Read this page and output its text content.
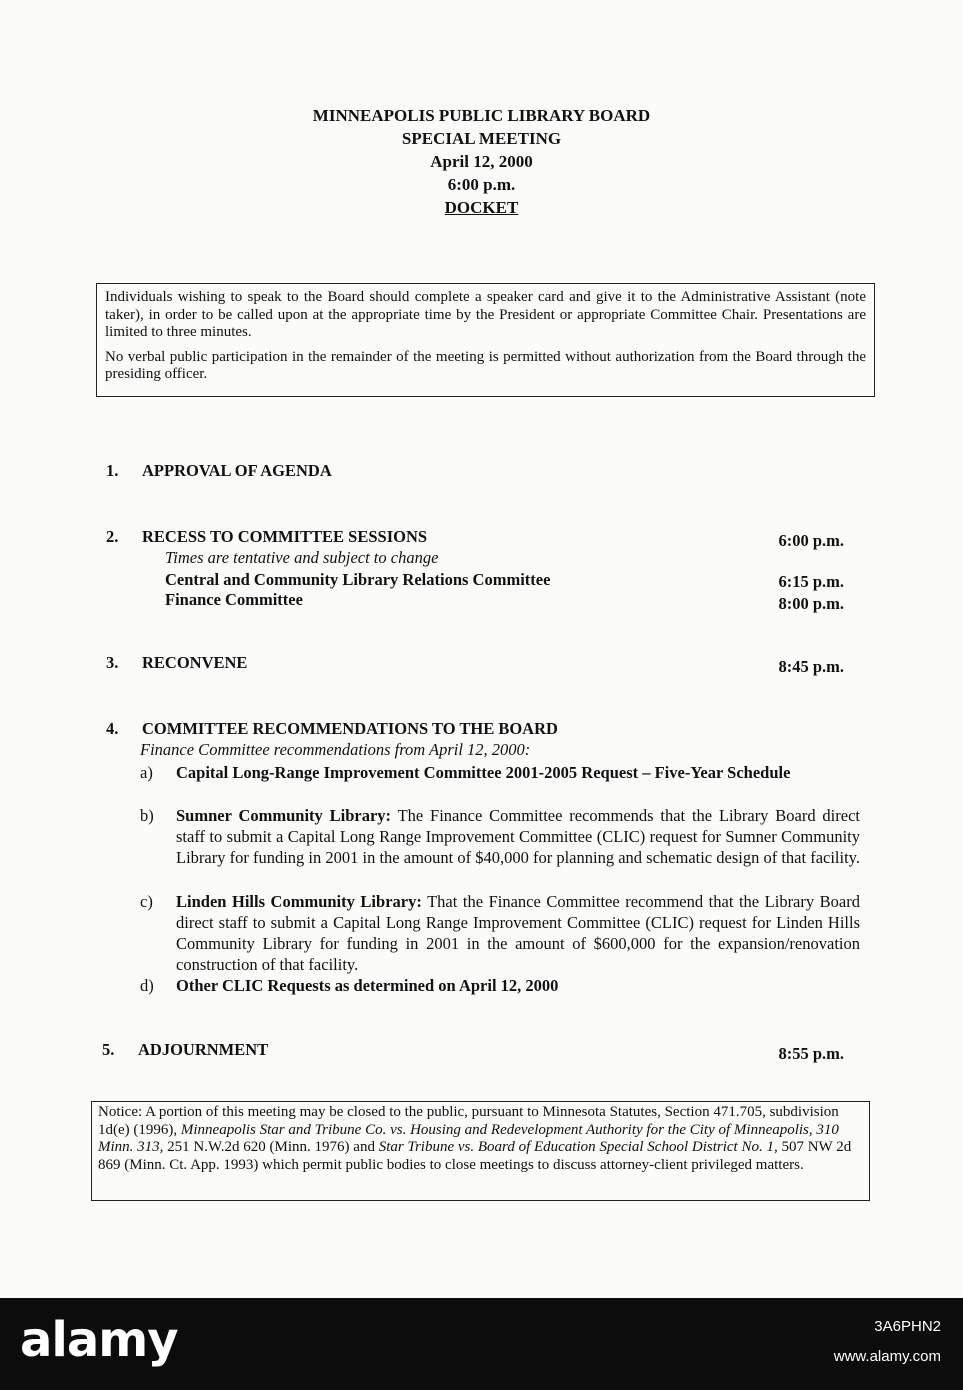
MINNEAPOLIS PUBLIC LIBRARY BOARD
SPECIAL MEETING
April 12, 2000
6:00 p.m.
DOCKET

Individuals wishing to speak to the Board should complete a speaker card and give it to the Administrative Assistant (note taker), in order to be called upon at the appropriate time by the President or appropriate Committee Chair. Presentations are limited to three minutes.

No verbal public participation in the remainder of the meeting is permitted without authorization from the Board through the presiding officer.

1. APPROVAL OF AGENDA
2. RECESS TO COMMITTEE SESSIONS	6:00 p.m.
Times are tentative and subject to change
Central and Community Library Relations Committee	6:15 p.m.
Finance Committee	8:00 p.m.
3. RECONVENE	8:45 p.m.
4. COMMITTEE RECOMMENDATIONS TO THE BOARD
Finance Committee recommendations from April 12, 2000:
a) Capital Long-Range Improvement Committee 2001-2005 Request – Five-Year Schedule
b) Sumner Community Library: The Finance Committee recommends that the Library Board direct staff to submit a Capital Long Range Improvement Committee (CLIC) request for Sumner Community Library for funding in 2001 in the amount of $40,000 for planning and schematic design of that facility.
c) Linden Hills Community Library: That the Finance Committee recommend that the Library Board direct staff to submit a Capital Long Range Improvement Committee (CLIC) request for Linden Hills Community Library for funding in 2001 in the amount of $600,000 for the expansion/renovation construction of that facility.
d) Other CLIC Requests as determined on April 12, 2000
5. ADJOURNMENT	8:55 p.m.
Notice: A portion of this meeting may be closed to the public, pursuant to Minnesota Statutes, Section 471.705, subdivision 1d(e) (1996), Minneapolis Star and Tribune Co. vs. Housing and Redevelopment Authority for the City of Minneapolis, 310 Minn. 313, 251 N.W.2d 620 (Minn. 1976) and Star Tribune vs. Board of Education Special School District No. 1, 507 NW 2d 869 (Minn. Ct. App. 1993) which permit public bodies to close meetings to discuss attorney-client privileged matters.
alamy	3A6PHN2
www.alamy.com
